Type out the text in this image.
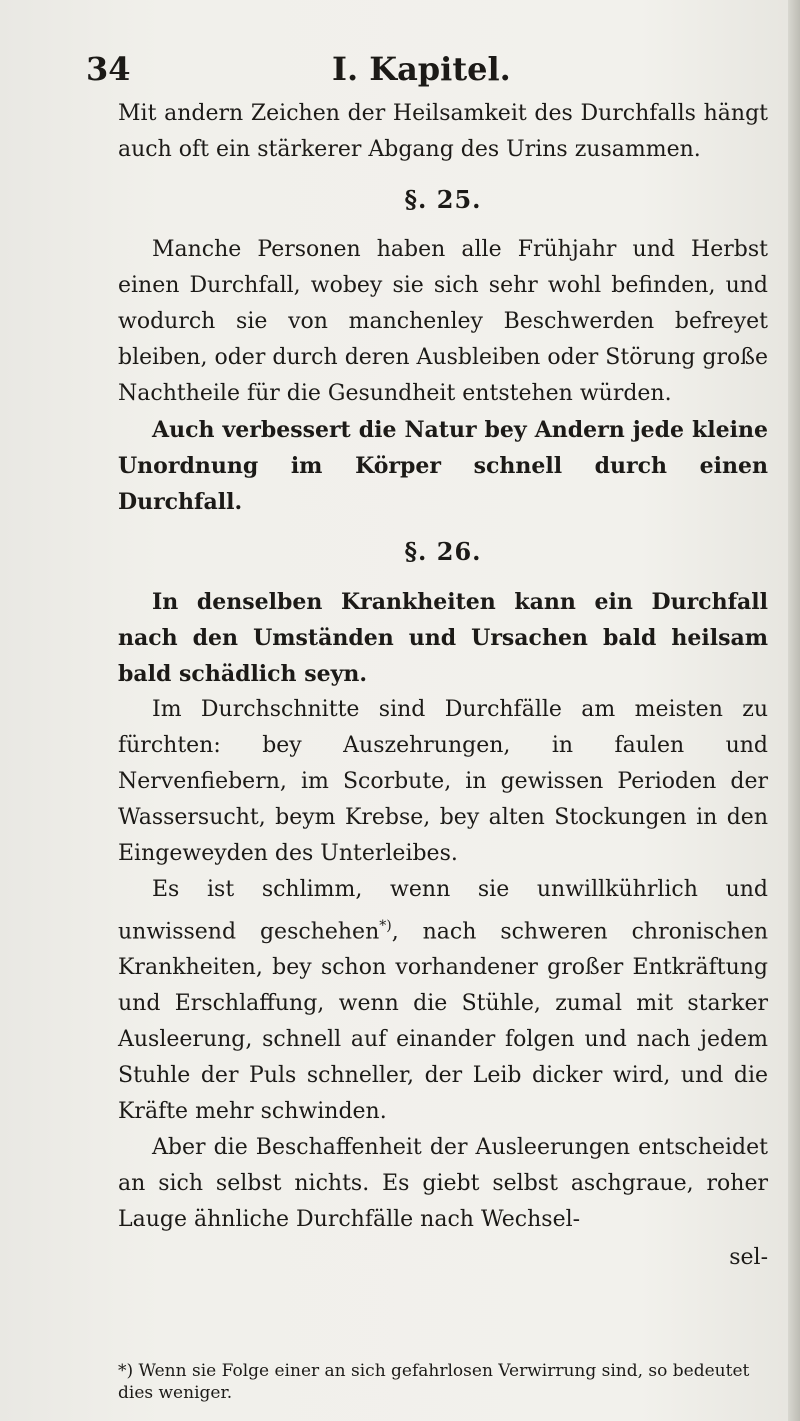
34	I. Kapitel.

Mit andern Zeichen der Heilsamkeit des Durchfalls hängt auch oft ein stärkerer Abgang des Urins zusammen.

§. 25.

Manche Personen haben alle Frühjahr und Herbst einen Durchfall, wobey sie sich sehr wohl befinden, und wodurch sie von manchenley Beschwerden befreyet bleiben, oder durch deren Ausbleiben oder Störung große Nachtheile für die Gesundheit entstehen würden.

Auch verbessert die Natur bey Andern jede kleine Unordnung im Körper schnell durch einen Durchfall.

§. 26.

In denselben Krankheiten kann ein Durchfall nach den Umständen und Ursachen bald heilsam bald schädlich seyn.

Im Durchschnitte sind Durchfälle am meisten zu fürchten: bey Auszehrungen, in faulen und Nervenfiebern, im Scorbute, in gewissen Perioden der Wassersucht, beym Krebse, bey alten Stockungen in den Eingeweyden des Unterleibes.

Es ist schlimm, wenn sie unwillkührlich und unwissend geschehen*), nach schweren chronischen Krankheiten, bey schon vorhandener großer Entkräftung und Erschlaffung, wenn die Stühle, zumal mit starker Ausleerung, schnell auf einander folgen und nach jedem Stuhle der Puls schneller, der Leib dicker wird, und die Kräfte mehr schwinden.

Aber die Beschaffenheit der Ausleerungen entscheidet an sich selbst nichts. Es giebt selbst aschgraue, roher Lauge ähnliche Durchfälle nach Wechsel-

sel-
*) Wenn sie Folge einer an sich gefahrlosen Verwirrung sind, so bedeutet dies weniger.
